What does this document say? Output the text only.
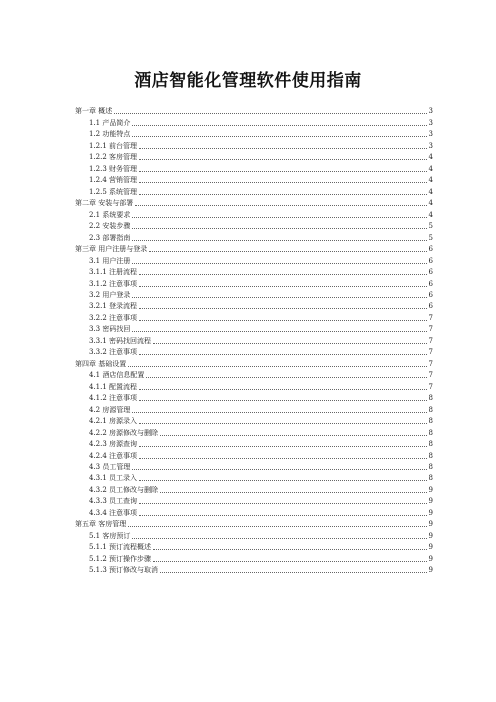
酒店智能化管理软件使用指南
第一章 概述	3
1.1 产品简介	3
1.2 功能特点	3
1.2.1 前台管理	3
1.2.2 客房管理	4
1.2.3 财务管理	4
1.2.4 营销管理	4
1.2.5 系统管理	4
第二章 安装与部署	4
2.1 系统要求	4
2.2 安装步骤	5
2.3 部署指南	5
第三章 用户注册与登录	6
3.1 用户注册	6
3.1.1 注册流程	6
3.1.2 注意事项	6
3.2 用户登录	6
3.2.1 登录流程	6
3.2.2 注意事项	7
3.3 密码找回	7
3.3.1 密码找回流程	7
3.3.2 注意事项	7
第四章 基础设置	7
4.1 酒店信息配置	7
4.1.1 配置流程	7
4.1.2 注意事项	8
4.2 房源管理	8
4.2.1 房源录入	8
4.2.2 房源修改与删除	8
4.2.3 房源查询	8
4.2.4 注意事项	8
4.3 员工管理	8
4.3.1 员工录入	8
4.3.2 员工修改与删除	9
4.3.3 员工查询	9
4.3.4 注意事项	9
第五章 客房管理	9
5.1 客房预订	9
5.1.1 预订流程概述	9
5.1.2 预订操作步骤	9
5.1.3 预订修改与取消	9
